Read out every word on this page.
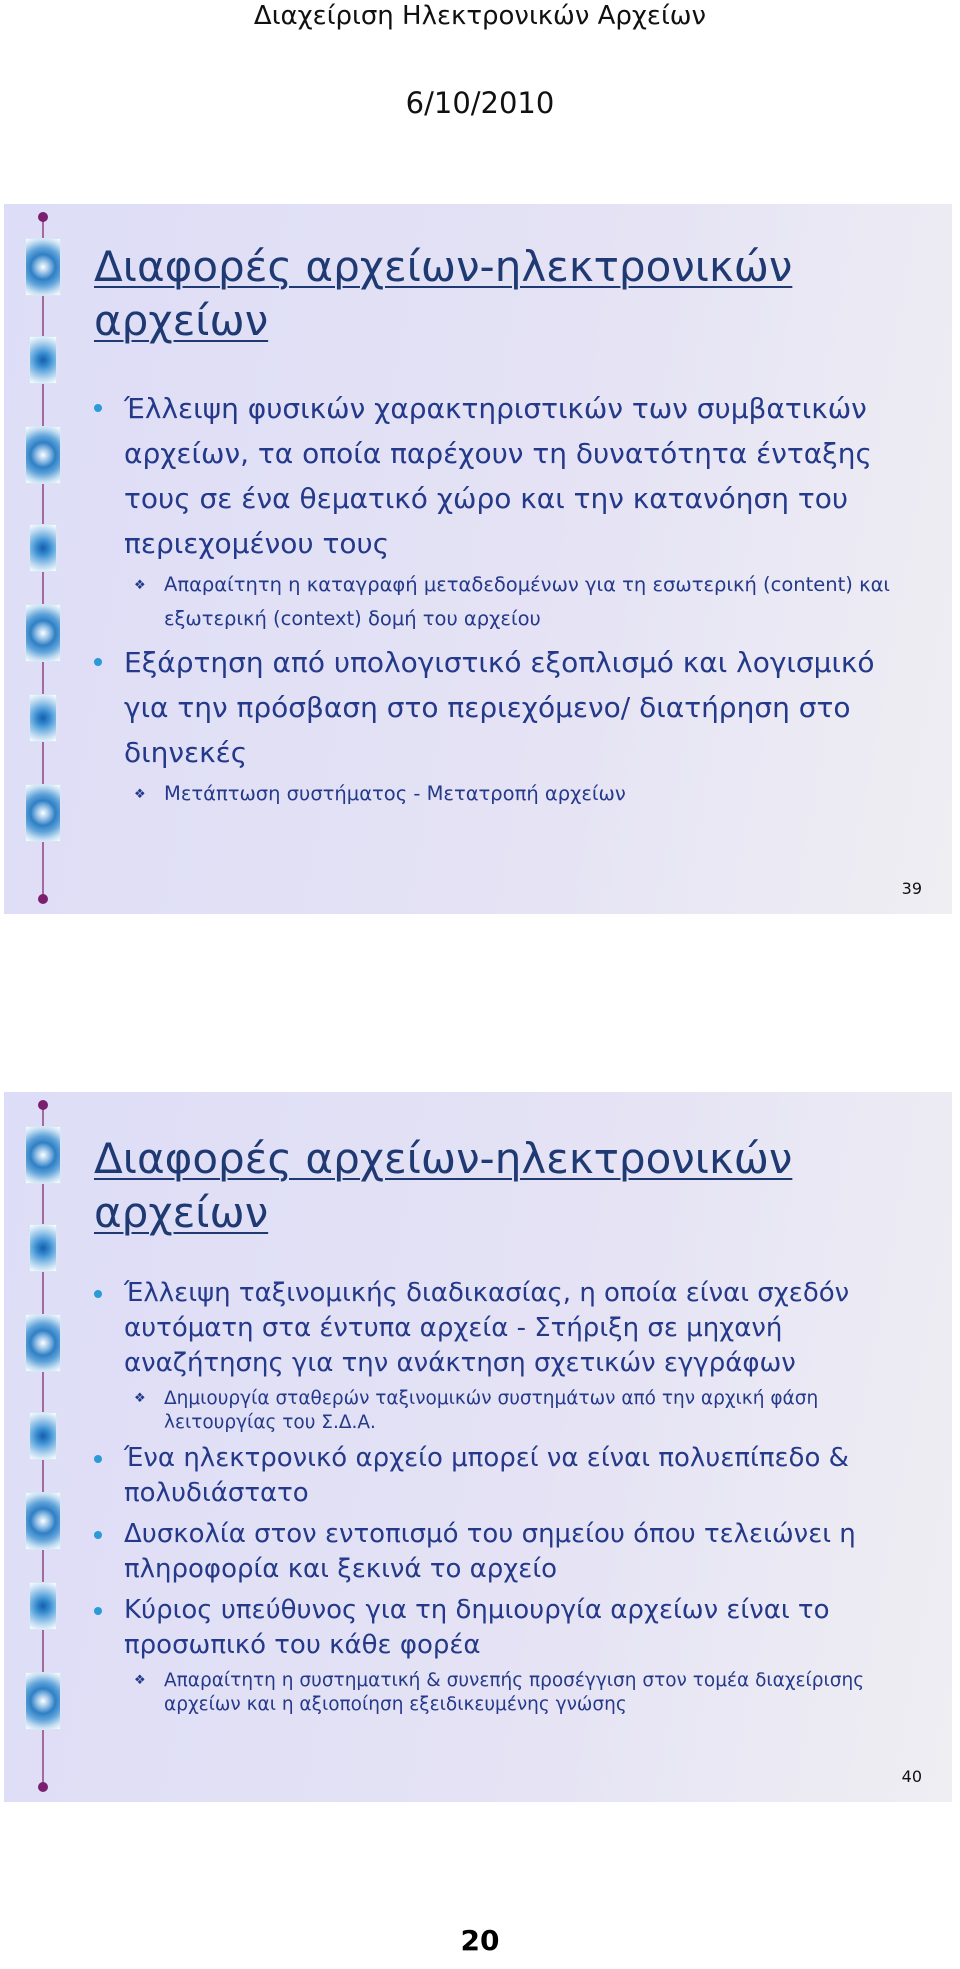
Διαχείριση Ηλεκτρονικών Αρχείων
6/10/2010
Διαφορές αρχείων-ηλεκτρονικών
αρχείων
Έλλειψη φυσικών χαρακτηριστικών των συμβατικών αρχείων, τα οποία παρέχουν τη δυνατότητα ένταξης τους σε ένα θεματικό χώρο και την κατανόηση του περιεχομένου τους
❖ Απαραίτητη η καταγραφή μεταδεδομένων για τη εσωτερική (content) και εξωτερική (context) δομή του αρχείου
Εξάρτηση από υπολογιστικό εξοπλισμό και λογισμικό για την πρόσβαση στο περιεχόμενο/ διατήρηση στο διηνεκές
❖ Μετάπτωση συστήματος - Μετατροπή αρχείων
39
Διαφορές αρχείων-ηλεκτρονικών
αρχείων
Έλλειψη ταξινομικής διαδικασίας, η οποία είναι σχεδόν αυτόματη στα έντυπα αρχεία - Στήριξη σε μηχανή αναζήτησης για την ανάκτηση σχετικών εγγράφων
❖ Δημιουργία σταθερών ταξινομικών συστημάτων από την αρχική φάση λειτουργίας του Σ.Δ.Α.
Ένα ηλεκτρονικό αρχείο μπορεί να είναι πολυεπίπεδο & πολυδιάστατο
Δυσκολία στον εντοπισμό του σημείου όπου τελειώνει η πληροφορία και ξεκινά το αρχείο
Κύριος υπεύθυνος για τη δημιουργία αρχείων είναι το προσωπικό του κάθε φορέα
❖ Απαραίτητη η συστηματική & συνεπής προσέγγιση στον τομέα διαχείρισης αρχείων και η αξιοποίηση εξειδικευμένης γνώσης
40
20
